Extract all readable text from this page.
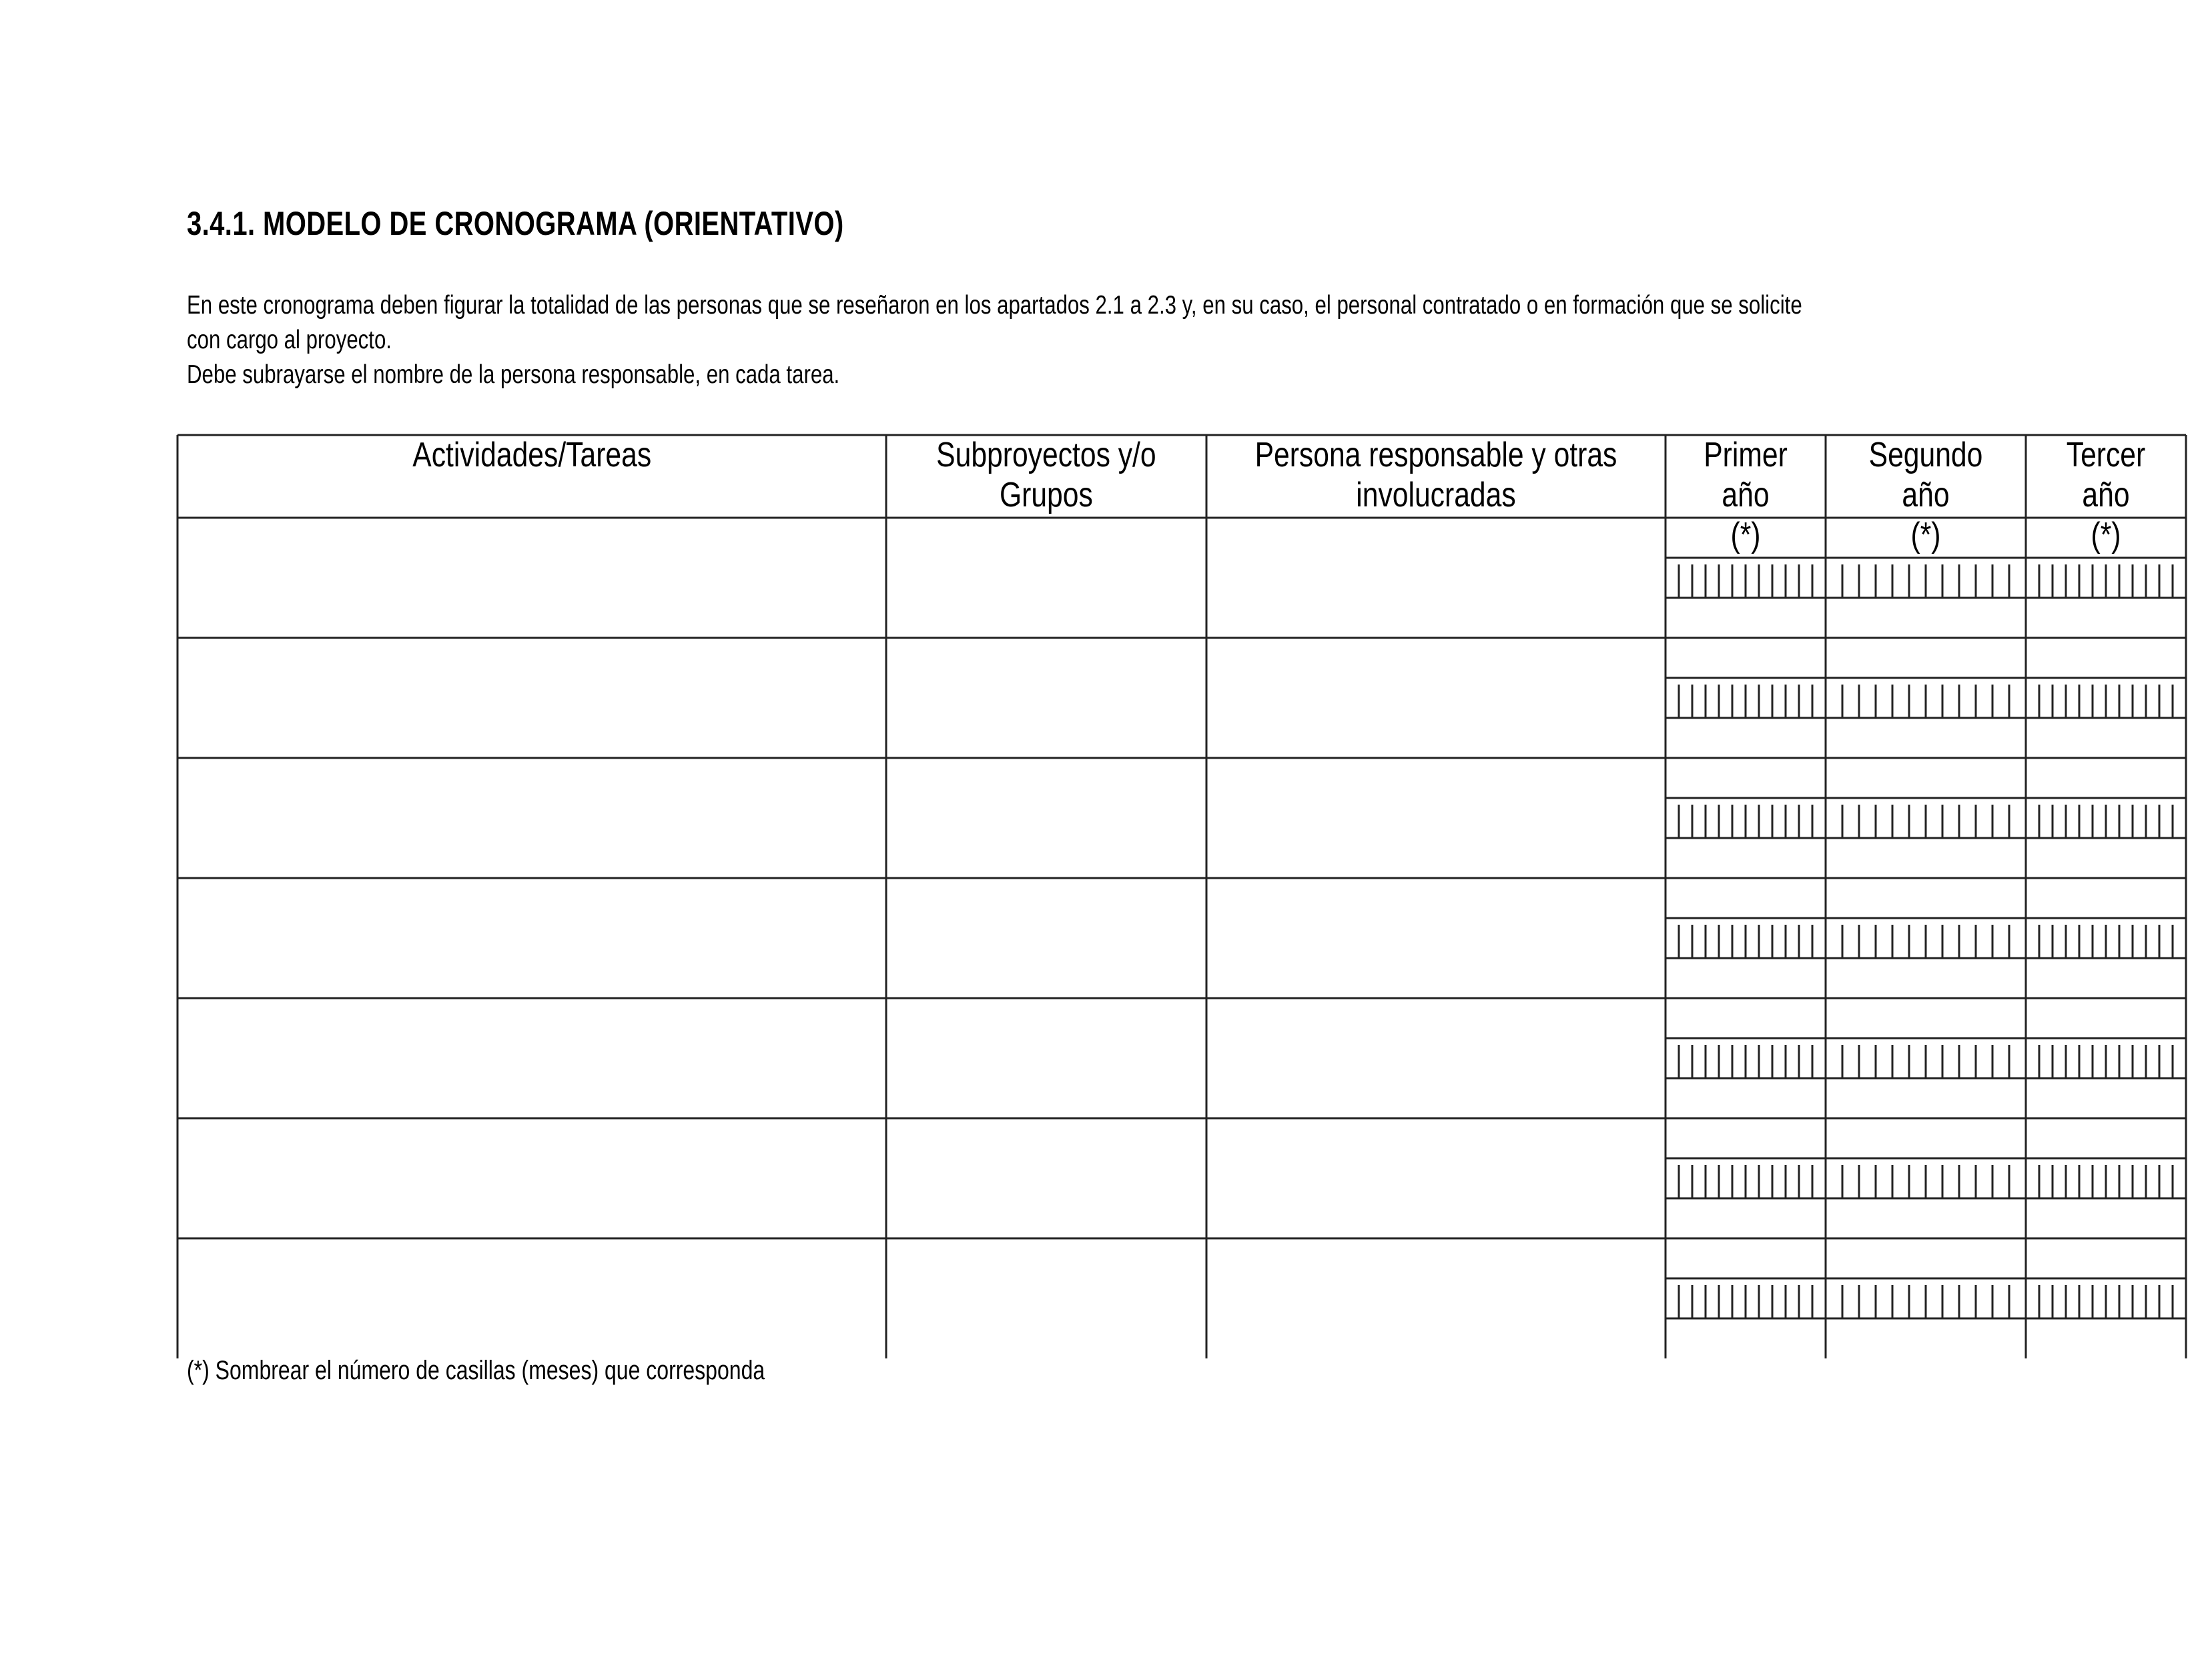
3.4.1. MODELO DE CRONOGRAMA (ORIENTATIVO)
En este cronograma deben figurar la totalidad de las personas que se reseñaron en los apartados 2.1 a 2.3 y, en su caso, el personal contratado o en formación que se solicite
con cargo al proyecto.
Debe subrayarse el nombre de la persona responsable, en cada tarea.
Actividades/Tareas	Subproyectos y/o
Grupos
Persona responsable y otras
involucradas
Primer año
(*)
Segundo año
(*)
Tercer año
(*)
(*) Sombrear el número de casillas (meses) que corresponda
